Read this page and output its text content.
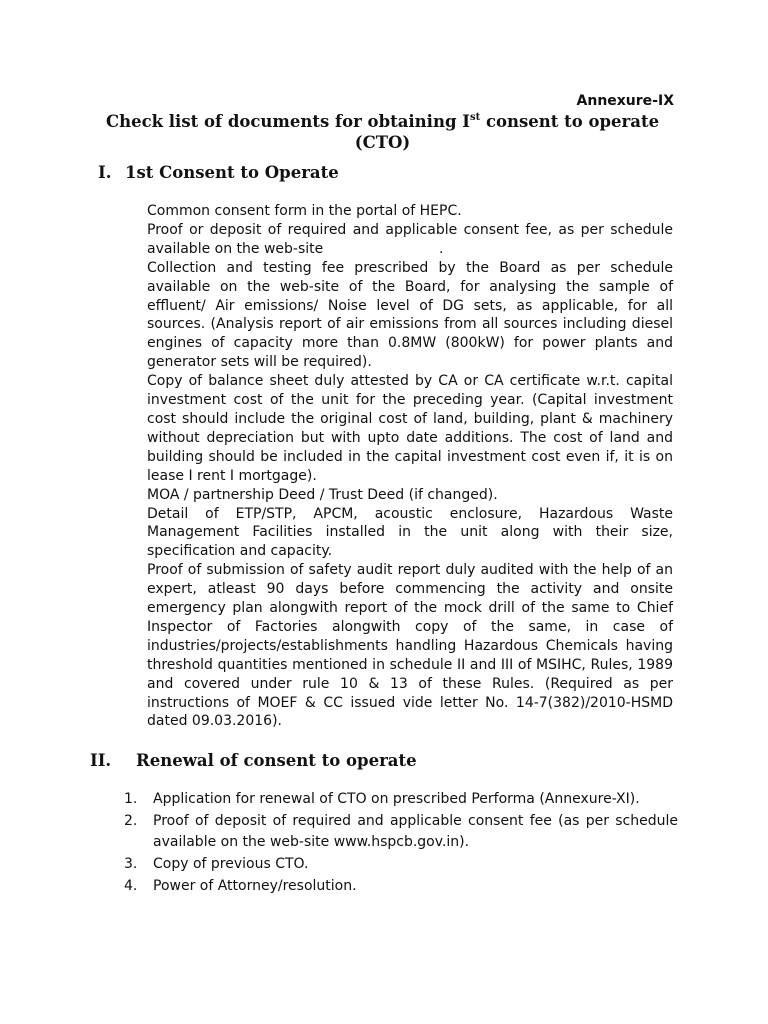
Annexure-IX
Check list of documents for obtaining Ist consent to operate
(CTO)
I. 1st Consent to Operate

Common consent form in the portal of HEPC.

Proof or deposit of required and applicable consent fee, as per schedule available on the web-site                          .

Collection and testing fee prescribed by the Board as per schedule available on the web-site of the Board, for analysing the sample of effluent/ Air emissions/ Noise level of DG sets, as applicable, for all sources. (Analysis report of air emissions from all sources including diesel engines of capacity more than 0.8MW (800kW) for power plants and generator sets will be required).

Copy of balance sheet duly attested by CA or CA certificate w.r.t. capital investment cost of the unit for the preceding year. (Capital investment cost should include the original cost of land, building, plant & machinery without depreciation but with upto date additions. The cost of land and building should be included in the capital investment cost even if, it is on lease I rent I mortgage).

MOA / partnership Deed / Trust Deed (if changed).

Detail of ETP/STP, APCM, acoustic enclosure, Hazardous Waste Management Facilities installed in the unit along with their size, specification and capacity.

Proof of submission of safety audit report duly audited with the help of an expert, atleast 90 days before commencing the activity and onsite emergency plan alongwith report of the mock drill of the same to Chief Inspector of Factories alongwith copy of the same, in case of industries/projects/establishments handling Hazardous Chemicals having threshold quantities mentioned in schedule II and III of MSIHC, Rules, 1989 and covered under rule 10 & 13 of these Rules. (Required as per instructions of MOEF & CC issued vide letter No. 14-7(382)/2010-HSMD dated 09.03.2016).

II. Renewal of consent to operate
1.	Application for renewal of CTO on prescribed Performa (Annexure-XI).
2.	Proof of deposit of required and applicable consent fee (as per schedule available on the web-site www.hspcb.gov.in).
3.	Copy of previous CTO.
4.	Power of Attorney/resolution.
